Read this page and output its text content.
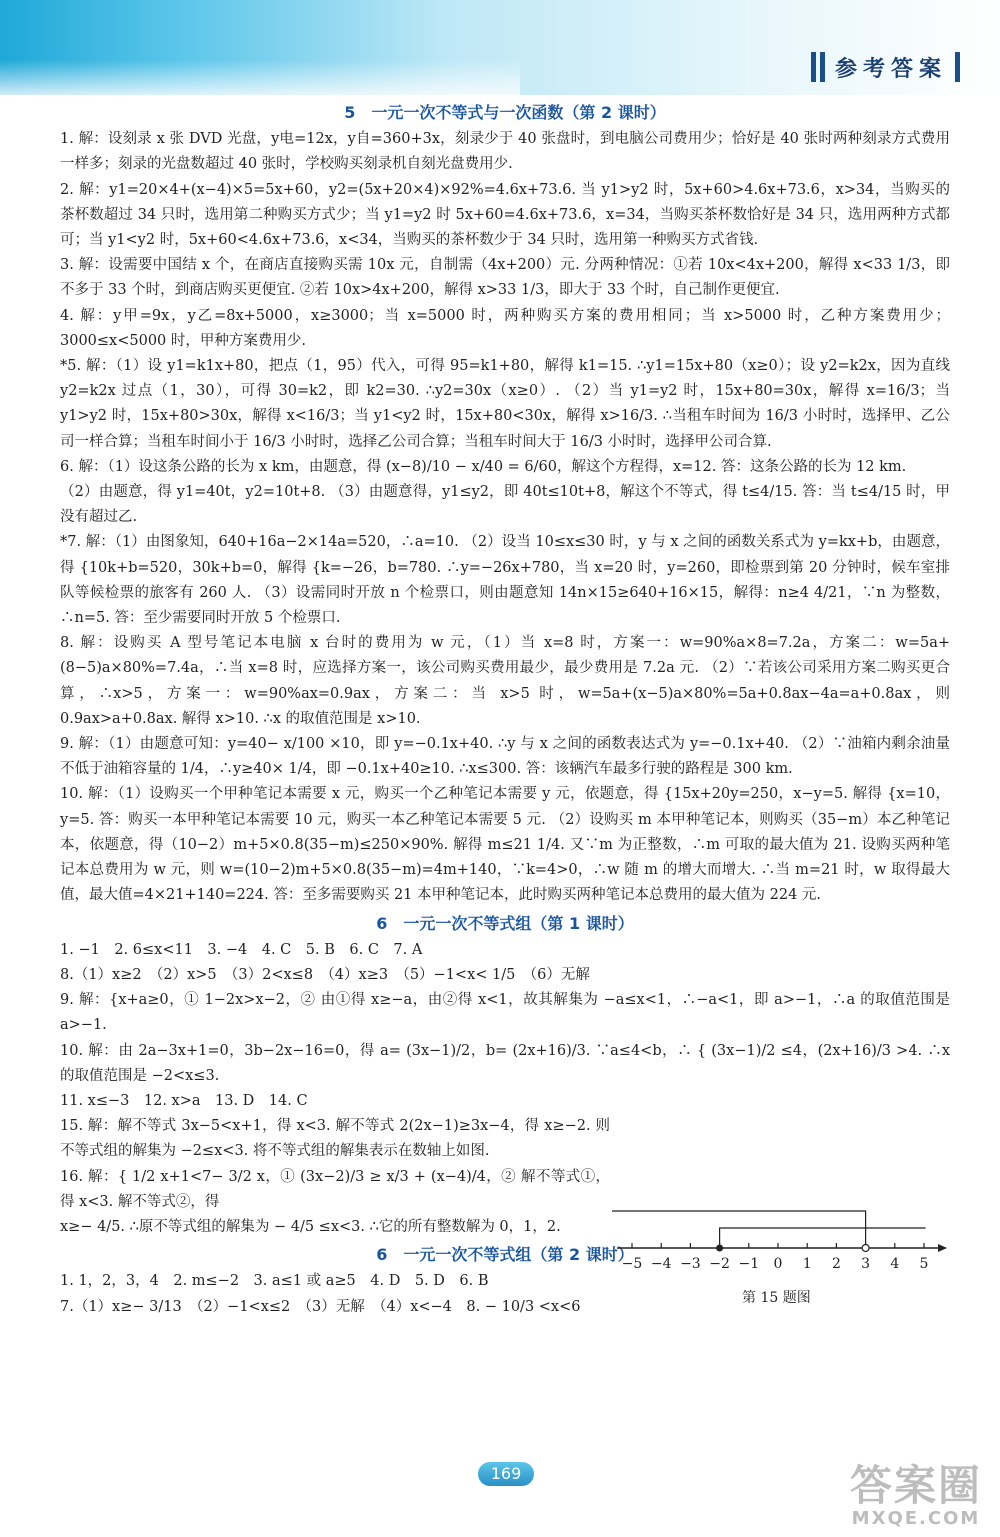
参考答案
5　一元一次不等式与一次函数（第 2 课时）

1. 解：设刻录 x 张 DVD 光盘，y电=12x，y自=360+3x，刻录少于 40 张盘时，到电脑公司费用少；恰好是 40 张时两种刻录方式费用一样多；刻录的光盘数超过 40 张时，学校购买刻录机自刻光盘费用少.

2. 解：y1=20×4+(x−4)×5=5x+60，y2=(5x+20×4)×92%=4.6x+73.6. 当 y1>y2 时，5x+60>4.6x+73.6，x>34，当购买的茶杯数超过 34 只时，选用第二种购买方式少；当 y1=y2 时 5x+60=4.6x+73.6，x=34，当购买茶杯数恰好是 34 只，选用两种方式都可；当 y1<y2 时，5x+60<4.6x+73.6，x<34，当购买的茶杯数少于 34 只时，选用第一种购买方式省钱.

3. 解：设需要中国结 x 个，在商店直接购买需 10x 元，自制需（4x+200）元. 分两种情况：①若 10x<4x+200，解得 x<33 1/3，即不多于 33 个时，到商店购买更便宜. ②若 10x>4x+200，解得 x>33 1/3，即大于 33 个时，自己制作更便宜.

4. 解：y甲=9x，y乙=8x+5000，x≥3000；当 x=5000 时，两种购买方案的费用相同；当 x>5000 时，乙种方案费用少；3000≤x<5000 时，甲种方案费用少.

*5. 解：（1）设 y1=k1x+80，把点（1，95）代入，可得 95=k1+80，解得 k1=15. ∴y1=15x+80（x≥0）；设 y2=k2x，因为直线 y2=k2x 过点（1，30），可得 30=k2，即 k2=30. ∴y2=30x（x≥0）. （2）当 y1=y2 时，15x+80=30x，解得 x=16/3；当 y1>y2 时，15x+80>30x，解得 x<16/3；当 y1<y2 时，15x+80<30x，解得 x>16/3. ∴当租车时间为 16/3 小时时，选择甲、乙公司一样合算；当租车时间小于 16/3 小时时，选择乙公司合算；当租车时间大于 16/3 小时时，选择甲公司合算.

6. 解：（1）设这条公路的长为 x km，由题意，得 (x−8)/10 − x/40 = 6/60，解这个方程得，x=12. 答：这条公路的长为 12 km.

（2）由题意，得 y1=40t，y2=10t+8. （3）由题意得，y1≤y2，即 40t≤10t+8，解这个不等式，得 t≤4/15. 答：当 t≤4/15 时，甲没有超过乙.

*7. 解：（1）由图象知，640+16a−2×14a=520，∴a=10. （2）设当 10≤x≤30 时，y 与 x 之间的函数关系式为 y=kx+b，由题意，得 {10k+b=520，30k+b=0，解得 {k=−26，b=780. ∴y=−26x+780，当 x=20 时，y=260，即检票到第 20 分钟时，候车室排队等候检票的旅客有 260 人. （3）设需同时开放 n 个检票口，则由题意知 14n×15≥640+16×15，解得：n≥4 4/21，∵n 为整数，∴n=5. 答：至少需要同时开放 5 个检票口.

8. 解：设购买 A 型号笔记本电脑 x 台时的费用为 w 元，（1）当 x=8 时，方案一：w=90%a×8=7.2a，方案二：w=5a+(8−5)a×80%=7.4a，∴当 x=8 时，应选择方案一，该公司购买费用最少，最少费用是 7.2a 元. （2）∵若该公司采用方案二购买更合算，∴x>5，方案一：w=90%ax=0.9ax，方案二：当 x>5 时，w=5a+(x−5)a×80%=5a+0.8ax−4a=a+0.8ax，则 0.9ax>a+0.8ax. 解得 x>10. ∴x 的取值范围是 x>10.

9. 解：（1）由题意可知：y=40− x/100 ×10，即 y=−0.1x+40. ∴y 与 x 之间的函数表达式为 y=−0.1x+40. （2）∵油箱内剩余油量不低于油箱容量的 1/4，∴y≥40× 1/4，即 −0.1x+40≥10. ∴x≤300. 答：该辆汽车最多行驶的路程是 300 km.

10. 解：（1）设购买一个甲种笔记本需要 x 元，购买一个乙种笔记本需要 y 元，依题意，得 {15x+20y=250，x−y=5. 解得 {x=10，y=5. 答：购买一本甲种笔记本需要 10 元，购买一本乙种笔记本需要 5 元. （2）设购买 m 本甲种笔记本，则购买（35−m）本乙种笔记本，依题意，得（10−2）m+5×0.8(35−m)≤250×90%. 解得 m≤21 1/4. 又∵m 为正整数，∴m 可取的最大值为 21. 设购买两种笔记本总费用为 w 元，则 w=(10−2)m+5×0.8(35−m)=4m+140，∵k=4>0，∴w 随 m 的增大而增大. ∴当 m=21 时，w 取得最大值，最大值=4×21+140=224. 答：至多需要购买 21 本甲种笔记本，此时购买两种笔记本总费用的最大值为 224 元.

6　一元一次不等式组（第 1 课时）

1. −1　2. 6≤x<11　3. −4　4. C　5. B　6. C　7. A

8.（1）x≥2　（2）x>5　（3）2<x≤8　（4）x≥3　（5）−1<x< 1/5　（6）无解

9. 解：{x+a≥0，① 1−2x>x−2，② 由①得 x≥−a，由②得 x<1，故其解集为 −a≤x<1，∴−a<1，即 a>−1，∴a 的取值范围是 a>−1.

10. 解：由 2a−3x+1=0，3b−2x−16=0，得 a= (3x−1)/2，b= (2x+16)/3. ∵a≤4<b，∴ { (3x−1)/2 ≤4，(2x+16)/3 >4. ∴x 的取值范围是 −2<x≤3.

11. x≤−3　12. x>a　13. D　14. C

15. 解：解不等式 3x−5<x+1，得 x<3. 解不等式 2(2x−1)≥3x−4，得 x≥−2. 则不等式组的解集为 −2≤x<3. 将不等式组的解集表示在数轴上如图.

16. 解：{ 1/2 x+1<7− 3/2 x，① (3x−2)/3 ≥ x/3 + (x−4)/4，② 解不等式①，得 x<3. 解不等式②，得

x≥− 4/5. ∴原不等式组的解集为 − 4/5 ≤x<3. ∴它的所有整数解为 0，1，2.

6　一元一次不等式组（第 2 课时）

1. 1，2，3，4　2. m≤−2　3. a≤1 或 a≥5　4. D　5. D　6. B

7.（1）x≥− 3/13　（2）−1<x≤2　（3）无解　（4）x<−4　8. − 10/3 <x<6

−5 −4 −3 −2 −1 0 1 2 3 4 5
第 15 题图
169	答案圈
MXQE.COM
